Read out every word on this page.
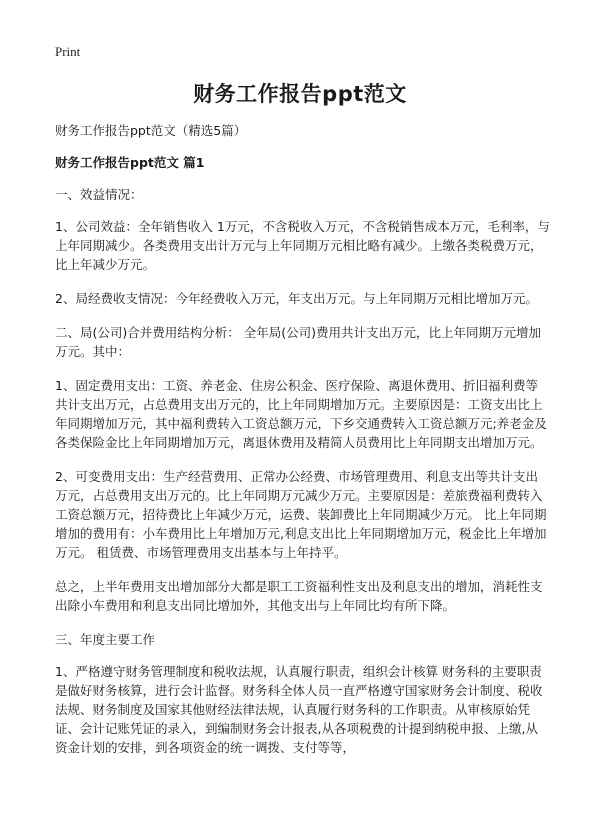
Print
财务工作报告ppt范文

财务工作报告ppt范文（精选5篇）

财务工作报告ppt范文 篇1

一、效益情况：

1、公司效益：全年销售收入 1万元，不含税收入万元，不含税销售成本万元，毛利率，与上年同期减少。各类费用支出计万元与上年同期万元相比略有减少。上缴各类税费万元，比上年减少万元。

2、局经费收支情况：今年经费收入万元，年支出万元。与上年同期万元相比增加万元。

二、局(公司)合并费用结构分析： 全年局(公司)费用共计支出万元，比上年同期万元增加万元。其中：

1、固定费用支出：工资、养老金、住房公积金、医疗保险、离退休费用、折旧福利费等共计支出万元，占总费用支出万元的，比上年同期增加万元。主要原因是：工资支出比上年同期增加万元，其中福利费转入工资总额万元，下乡交通费转入工资总额万元;养老金及各类保险金比上年同期增加万元，离退休费用及精简人员费用比上年同期支出增加万元。

2、可变费用支出：生产经营费用、正常办公经费、市场管理费用、利息支出等共计支出万元，占总费用支出万元的。比上年同期万元减少万元。主要原因是：差旅费福利费转入工资总额万元，招待费比上年减少万元，运费、装卸费比上年同期减少万元。 比上年同期增加的费用有：小车费用比上年增加万元,利息支出比上年同期增加万元，税金比上年增加万元。 租赁费、市场管理费用支出基本与上年持平。

总之，上半年费用支出增加部分大都是职工工资福利性支出及利息支出的增加，消耗性支出除小车费用和利息支出同比增加外，其他支出与上年同比均有所下降。

三、年度主要工作

1、严格遵守财务管理制度和税收法规，认真履行职责，组织会计核算 财务科的主要职责是做好财务核算，进行会计监督。财务科全体人员一直严格遵守国家财务会计制度、税收法规、财务制度及国家其他财经法律法规，认真履行财务科的工作职责。从审核原始凭证、会计记账凭证的录入，到编制财务会计报表,从各项税费的计提到纳税申报、上缴,从资金计划的安排，到各项资金的统一调拨、支付等等，
